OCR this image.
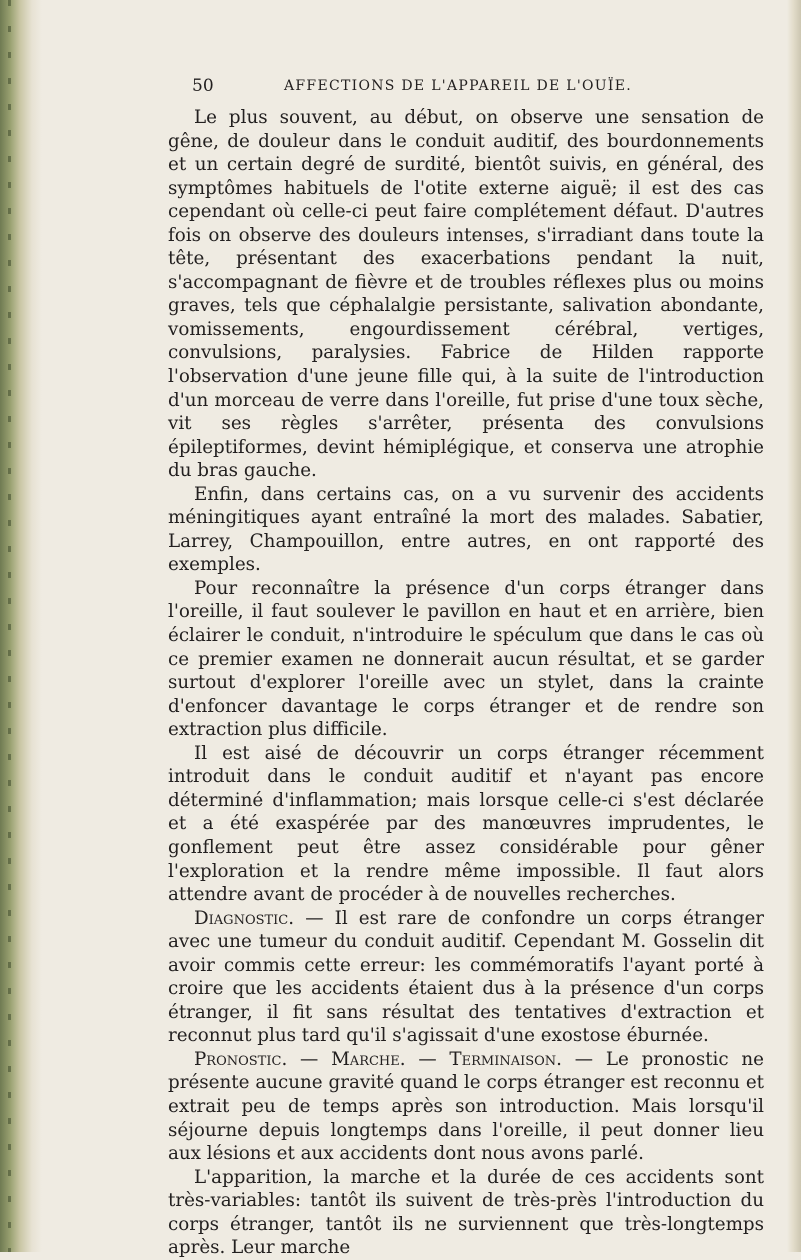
50	AFFECTIONS DE L'APPAREIL DE L'OUÏE.

Le plus souvent, au début, on observe une sensation de gêne, de douleur dans le conduit auditif, des bourdonnements et un certain degré de surdité, bientôt suivis, en général, des symptômes habituels de l'otite externe aiguë; il est des cas cependant où celle-ci peut faire complétement défaut. D'autres fois on observe des douleurs intenses, s'irradiant dans toute la tête, présentant des exacerbations pendant la nuit, s'accompagnant de fièvre et de troubles réflexes plus ou moins graves, tels que céphalalgie persistante, salivation abondante, vomissements, engourdissement cérébral, vertiges, convulsions, paralysies. Fabrice de Hilden rapporte l'observation d'une jeune fille qui, à la suite de l'introduction d'un morceau de verre dans l'oreille, fut prise d'une toux sèche, vit ses règles s'arrêter, présenta des convulsions épileptiformes, devint hémiplégique, et conserva une atrophie du bras gauche.

Enfin, dans certains cas, on a vu survenir des accidents méningitiques ayant entraîné la mort des malades. Sabatier, Larrey, Champouillon, entre autres, en ont rapporté des exemples.

Pour reconnaître la présence d'un corps étranger dans l'oreille, il faut soulever le pavillon en haut et en arrière, bien éclairer le conduit, n'introduire le spéculum que dans le cas où ce premier examen ne donnerait aucun résultat, et se garder surtout d'explorer l'oreille avec un stylet, dans la crainte d'enfoncer davantage le corps étranger et de rendre son extraction plus difficile.

Il est aisé de découvrir un corps étranger récemment introduit dans le conduit auditif et n'ayant pas encore déterminé d'inflammation; mais lorsque celle-ci s'est déclarée et a été exaspérée par des manœuvres imprudentes, le gonflement peut être assez considérable pour gêner l'exploration et la rendre même impossible. Il faut alors attendre avant de procéder à de nouvelles recherches.

Diagnostic. — Il est rare de confondre un corps étranger avec une tumeur du conduit auditif. Cependant M. Gosselin dit avoir commis cette erreur: les commémoratifs l'ayant porté à croire que les accidents étaient dus à la présence d'un corps étranger, il fit sans résultat des tentatives d'extraction et reconnut plus tard qu'il s'agissait d'une exostose éburnée.

Pronostic. — Marche. — Terminaison. — Le pronostic ne présente aucune gravité quand le corps étranger est reconnu et extrait peu de temps après son introduction. Mais lorsqu'il séjourne depuis longtemps dans l'oreille, il peut donner lieu aux lésions et aux accidents dont nous avons parlé.

L'apparition, la marche et la durée de ces accidents sont très-variables: tantôt ils suivent de très-près l'introduction du corps étranger, tantôt ils ne surviennent que très-longtemps après. Leur marche
